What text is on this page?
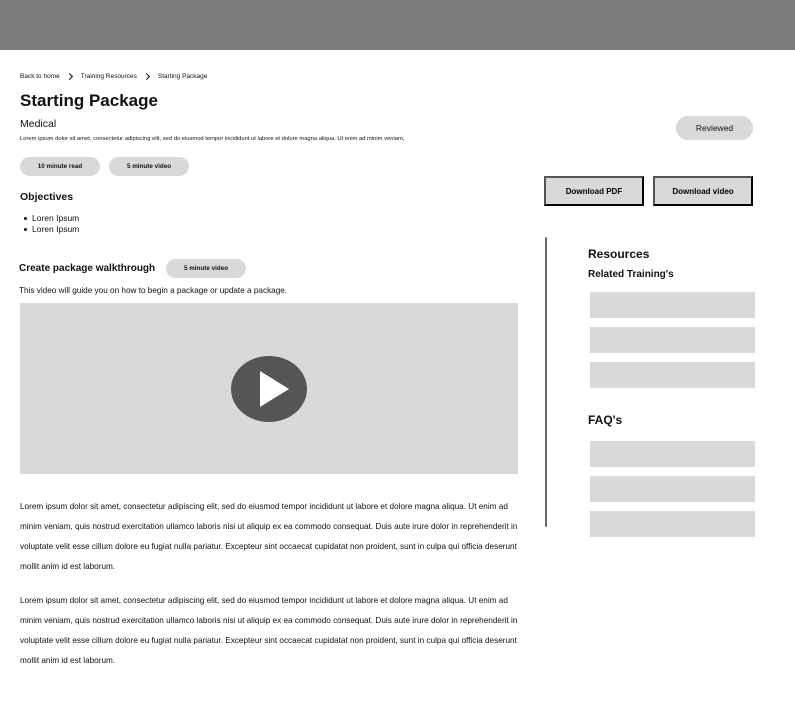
Back to home	Training Resources	Starting Package
Starting Package
Medical

Lorem ipsum dolor sit amet, consectetur adipiscing elit, sed do eiusmod tempor incididunt ut labore et dolore magna aliqua. Ut enim ad minim veniam,

Reviewed
10 minute read	5 minute video
Download PDF	Download video
Objectives
Loren Ipsum
Loren Ipsum
Create package walkthrough	5 minute video

This video will guide you on how to begin a package or update a package.

Lorem ipsum dolor sit amet, consectetur adipiscing elit, sed do eiusmod tempor incididunt ut labore et dolore magna aliqua. Ut enim ad minim veniam, quis nostrud exercitation ullamco laboris nisi ut aliquip ex ea commodo consequat. Duis aute irure dolor in reprehenderit in voluptate velit esse cillum dolore eu fugiat nulla pariatur. Excepteur sint occaecat cupidatat non proident, sunt in culpa qui officia deserunt mollit anim id est laborum.

Lorem ipsum dolor sit amet, consectetur adipiscing elit, sed do eiusmod tempor incididunt ut labore et dolore magna aliqua. Ut enim ad minim veniam, quis nostrud exercitation ullamco laboris nisi ut aliquip ex ea commodo consequat. Duis aute irure dolor in reprehenderit in voluptate velit esse cillum dolore eu fugiat nulla pariatur. Excepteur sint occaecat cupidatat non proident, sunt in culpa qui officia deserunt mollit anim id est laborum.

Resources
Related Training's
FAQ's
